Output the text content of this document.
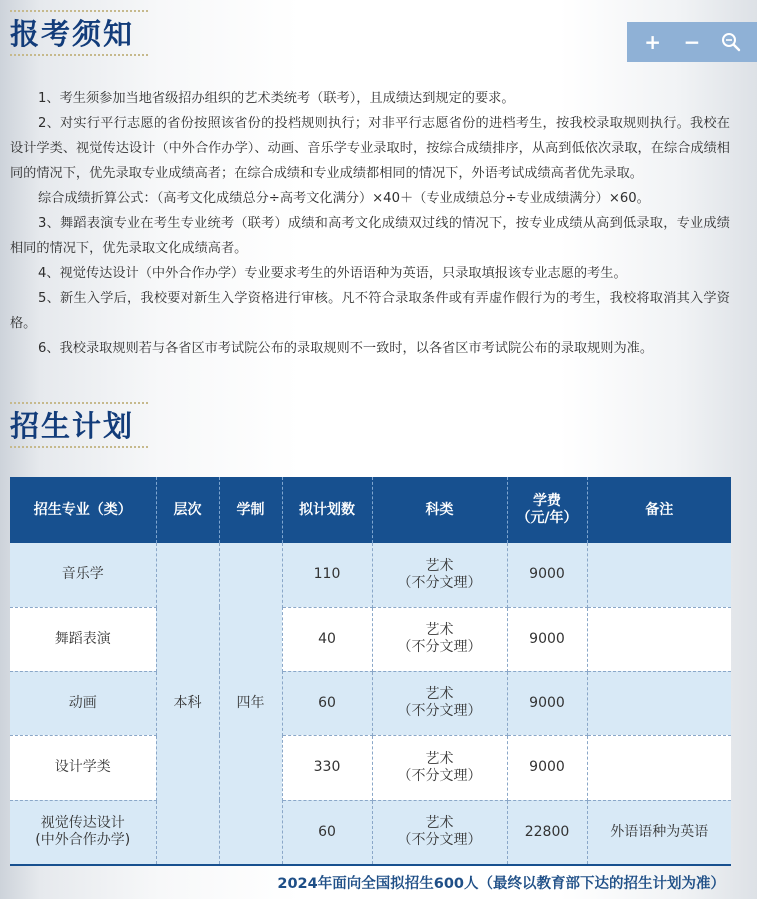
报考须知	+	−

1、考生须参加当地省级招办组织的艺术类统考（联考），且成绩达到规定的要求。

2、对实行平行志愿的省份按照该省份的投档规则执行；对非平行志愿省份的进档考生，按我校录取规则执行。我校在设计学类、视觉传达设计（中外合作办学）、动画、音乐学专业录取时，按综合成绩排序，从高到低依次录取，在综合成绩相同的情况下，优先录取专业成绩高者；在综合成绩和专业成绩都相同的情况下，外语考试成绩高者优先录取。

综合成绩折算公式：（高考文化成绩总分÷高考文化满分）×40＋（专业成绩总分÷专业成绩满分）×60。

3、舞蹈表演专业在考生专业统考（联考）成绩和高考文化成绩双过线的情况下，按专业成绩从高到低录取，专业成绩相同的情况下，优先录取文化成绩高者。

4、视觉传达设计（中外合作办学）专业要求考生的外语语种为英语，只录取填报该专业志愿的考生。

5、新生入学后，我校要对新生入学资格进行审核。凡不符合录取条件或有弄虚作假行为的考生，我校将取消其入学资格。

6、我校录取规则若与各省区市考试院公布的录取规则不一致时，以各省区市考试院公布的录取规则为准。

招生计划
招生专业（类）	层次	学制	拟计划数	科类	学费
（元/年）	备注
音乐学	本科	四年	110	艺术
（不分文理）	9000	
舞蹈表演			40	艺术
（不分文理）	9000	
动画			60	艺术
（不分文理）	9000	
设计学类			330	艺术
（不分文理）	9000	
视觉传达设计
(中外合作办学)			60	艺术
（不分文理）	22800	外语语种为英语
2024年面向全国拟招生600人（最终以教育部下达的招生计划为准）
